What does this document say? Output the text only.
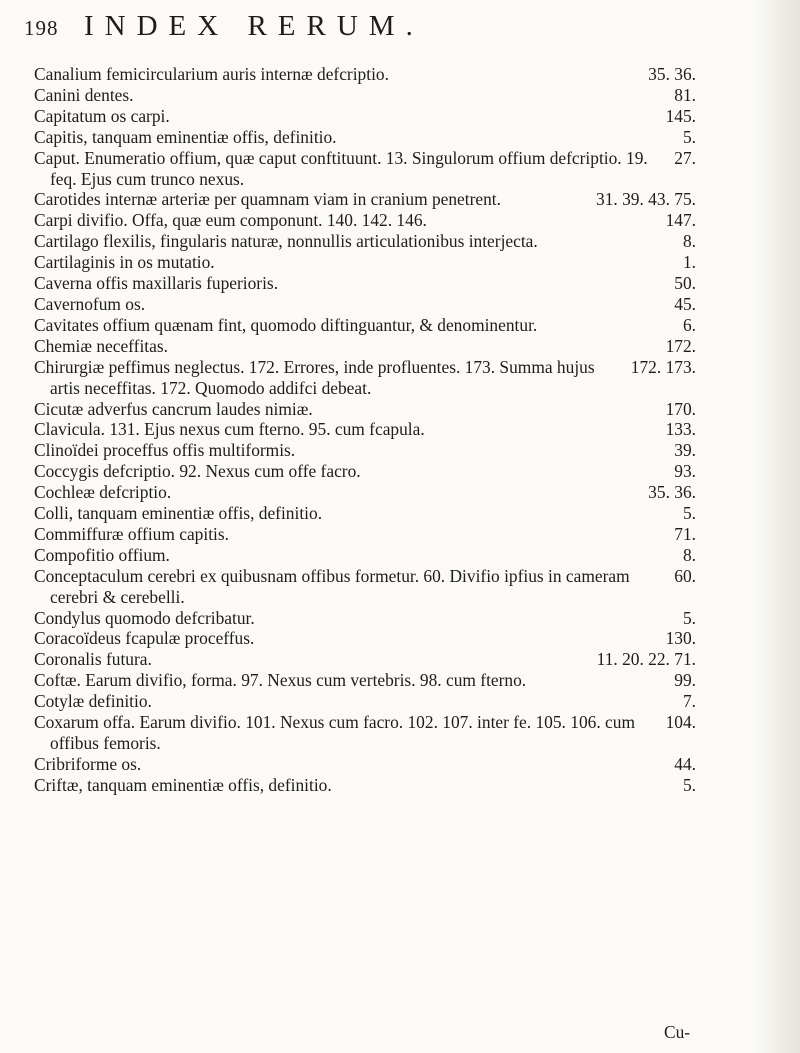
198 INDEX RERUM.
35. 36.
Canalium femicircularium auris internæ defcriptio.
81.
Canini dentes.
145.
Capitatum os carpi.
5.
Capitis, tanquam eminentiæ offis, definitio.
27.
Caput. Enumeratio offium, quæ caput conftituunt. 13. Singulorum offium defcriptio. 19. feq. Ejus cum trunco nexus.
31. 39. 43. 75.
Carotides internæ arteriæ per quamnam viam in cranium penetrent.
147.
Carpi divifio. Offa, quæ eum componunt. 140. 142. 146.
8.
Cartilago flexilis, fingularis naturæ, nonnullis articulationibus interjecta.
1.
Cartilaginis in os mutatio.
50.
Caverna offis maxillaris fuperioris.
45.
Cavernofum os.
6.
Cavitates offium quænam fint, quomodo diftinguantur, & denominentur.
172.
Chemiæ neceffitas.
172. 173.
Chirurgiæ peffimus neglectus. 172. Errores, inde profluentes. 173. Summa hujus artis neceffitas. 172. Quomodo addifci debeat.
170.
Cicutæ adverfus cancrum laudes nimiæ.
133.
Clavicula. 131. Ejus nexus cum fterno. 95. cum fcapula.
39.
Clinoïdei proceffus offis multiformis.
93.
Coccygis defcriptio. 92. Nexus cum offe facro.
35. 36.
Cochleæ defcriptio.
5.
Colli, tanquam eminentiæ offis, definitio.
71.
Commiffuræ offium capitis.
8.
Compofitio offium.
60.
Conceptaculum cerebri ex quibusnam offibus formetur. 60. Divifio ipfius in cameram cerebri & cerebelli.
5.
Condylus quomodo defcribatur.
130.
Coracoïdeus fcapulæ proceffus.
11. 20. 22. 71.
Coronalis futura.
99.
Coftæ. Earum divifio, forma. 97. Nexus cum vertebris. 98. cum fterno.
7.
Cotylæ definitio.
104.
Coxarum offa. Earum divifio. 101. Nexus cum facro. 102. 107. inter fe. 105. 106. cum offibus femoris.
44.
Cribriforme os.
5.
Criftæ, tanquam eminentiæ offis, definitio.
Cu-
